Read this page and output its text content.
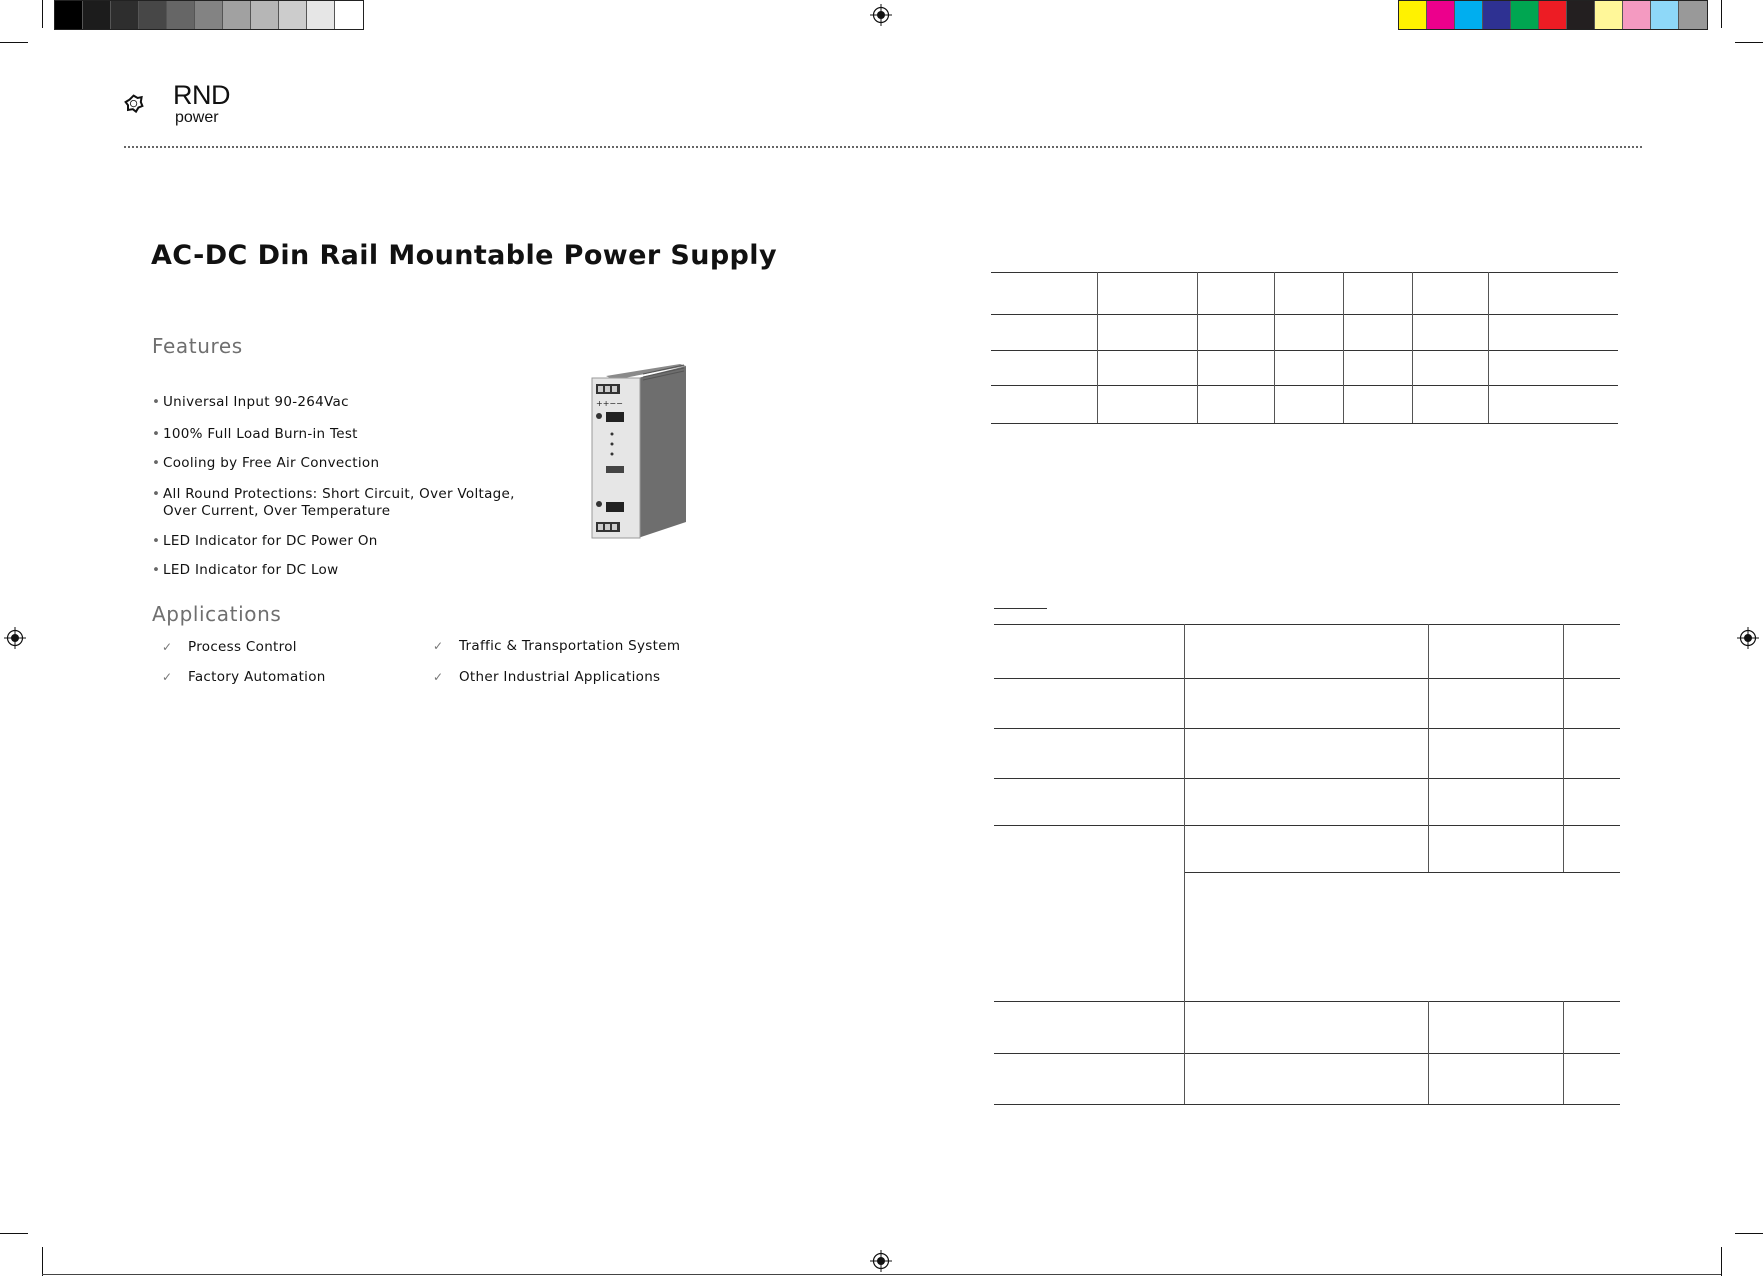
RND
power
AC-DC Din Rail Mountable Power Supply
Features
• Universal Input 90-264Vac
• 100% Full Load Burn-in Test
• Cooling by Free Air Convection
• All Round Protections: Short Circuit, Over Voltage,
Over Current, Over Temperature
• LED Indicator for DC Power On
• LED Indicator for DC Low
++−−
Applications
✓ Process Control	✓ Traffic & Transportation System
✓ Factory Automation	✓ Other Industrial Applications
